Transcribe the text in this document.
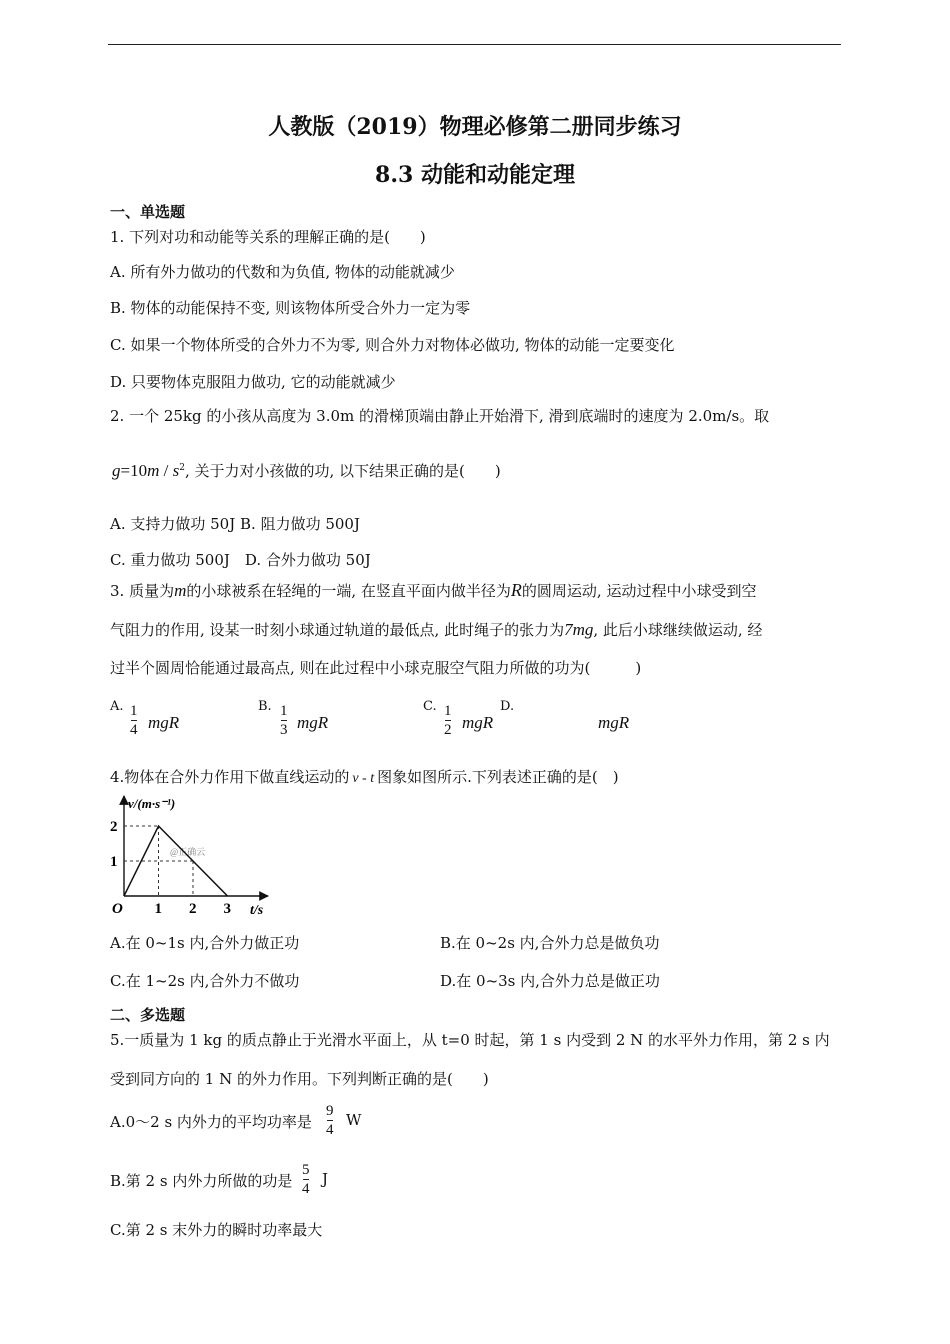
人教版（2019）物理必修第二册同步练习
8.3 动能和动能定理
一、单选题
1. 下列对功和动能等关系的理解正确的是(　　)
A. 所有外力做功的代数和为负值, 物体的动能就减少
B. 物体的动能保持不变, 则该物体所受合外力一定为零
C. 如果一个物体所受的合外力不为零, 则合外力对物体必做功, 物体的动能一定要变化
D. 只要物体克服阻力做功, 它的动能就减少
2. 一个 25kg 的小孩从高度为 3.0m 的滑梯顶端由静止开始滑下, 滑到底端时的速度为 2.0m/s。取
$g=10m / s^2$, 关于力对小孩做的功, 以下结果正确的是(　　)
A. 支持力做功 50J B. 阻力做功 500J
C. 重力做功 500J　D. 合外力做功 50J
3. 质量为m的小球被系在轻绳的一端, 在竖直平面内做半径为R的圆周运动, 运动过程中小球受到空
气阻力的作用, 设某一时刻小球通过轨道的最低点, 此时绳子的张力为7mg, 此后小球继续做运动, 经
过半个圆周恰能通过最高点, 则在此过程中小球克服空气阻力所做的功为(　　　)
A. 1
4 mgR
B. 1
3 mgR
C. 1
2 mgR
D.
mgR
4.物体在合外力作用下做直线运动的 v - t 图象如图所示.下列表述正确的是(　)
v/(m·s⁻¹)
t/s
O
@正确云
1 2 3
1
2
A.在 0~1s 内,合外力做正功	B.在 0~2s 内,合外力总是做负功
C.在 1~2s 内,合外力不做功	D.在 0~3s 内,合外力总是做正功
二、多选题
5.一质量为 1 kg 的质点静止于光滑水平面上，从 t=0 时起，第 1 s 内受到 2 N 的水平外力作用，第 2 s 内
受到同方向的 1 N 的外力作用。下列判断正确的是(　　)
A.0～2 s 内外力的平均功率是
9
4
W
B.第 2 s 内外力所做的功是
5
4
J
C.第 2 s 末外力的瞬时功率最大
